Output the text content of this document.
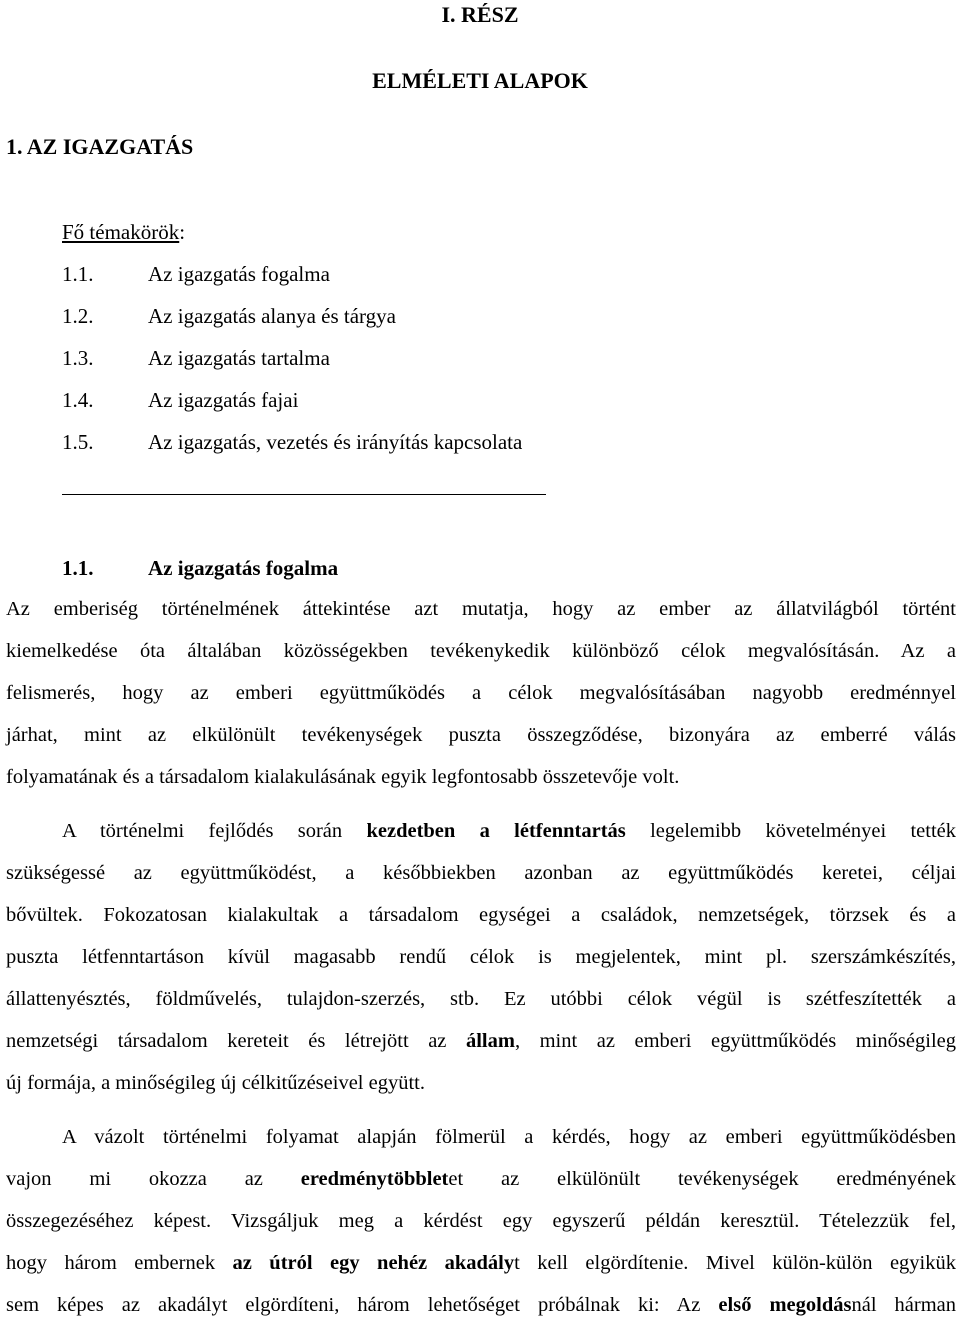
I. RÉSZ
ELMÉLETI ALAPOK
1. AZ IGAZGATÁS
Fő témakörök:
1.1.	Az igazgatás fogalma
1.2.	Az igazgatás alanya és tárgya
1.3.	Az igazgatás tartalma
1.4.	Az igazgatás fajai
1.5.	Az igazgatás, vezetés és irányítás kapcsolata
1.1.	Az igazgatás fogalma
Az emberiség történelmének áttekintése azt mutatja, hogy az ember az állatvilágból történt
kiemelkedése óta általában közösségekben tevékenykedik különböző célok megvalósításán. Az a
felismerés, hogy az emberi együttműködés a célok megvalósításában nagyobb eredménnyel
járhat, mint az elkülönült tevékenységek puszta összegződése, bizonyára az emberré válás
folyamatának és a társadalom kialakulásának egyik legfontosabb összetevője volt.
A történelmi fejlődés során kezdetben a létfenntartás legelemibb követelményei tették
szükségessé az együttműködést, a későbbiekben azonban az együttműködés keretei, céljai
bővültek. Fokozatosan kialakultak a társadalom egységei a családok, nemzetségek, törzsek és a
puszta létfenntartáson kívül magasabb rendű célok is megjelentek, mint pl. szerszámkészítés,
állattenyésztés, földművelés, tulajdon-szerzés, stb. Ez utóbbi célok végül is szétfeszítették a
nemzetségi társadalom kereteit és létrejött az állam, mint az emberi együttműködés minőségileg
új formája, a minőségileg új célkitűzéseivel együtt.
A vázolt történelmi folyamat alapján fölmerül a kérdés, hogy az emberi együttműködésben
vajon mi okozza az eredménytöbbletet az elkülönült tevékenységek eredményének
összegezéséhez képest. Vizsgáljuk meg a kérdést egy egyszerű példán keresztül. Tételezzük fel,
hogy három embernek az útról egy nehéz akadályt kell elgördítenie. Mivel külön-külön egyikük
sem képes az akadályt elgördíteni, három lehetőséget próbálnak ki: Az első megoldásnál hárman
